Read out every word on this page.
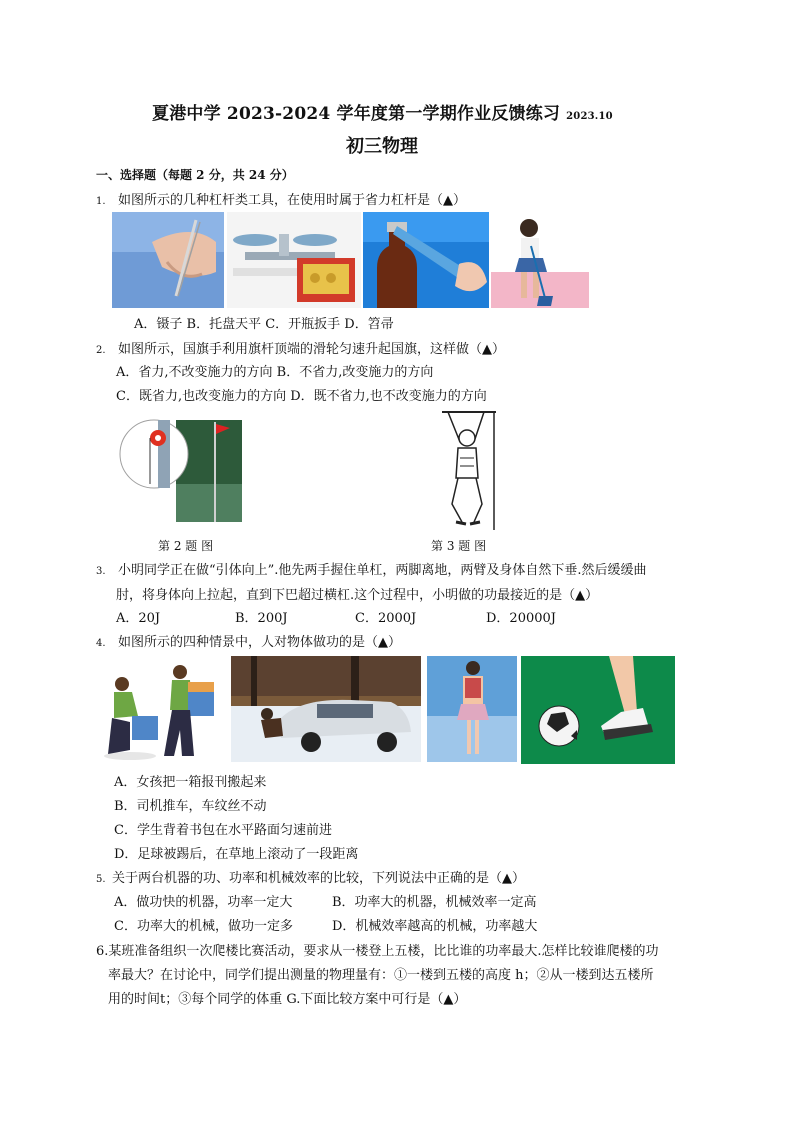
夏港中学 2023-2024 学年度第一学期作业反馈练习 2023.10
初三物理
一、选择题（每题 2 分，共 24 分）
1. 如图所示的几种杠杆类工具，在使用时属于省力杠杆是（▲）
A．镊子 B．托盘天平 C．开瓶扳手 D．笤帚
2. 如图所示，国旗手利用旗杆顶端的滑轮匀速升起国旗，这样做（▲）
A．省力,不改变施力的方向 B．不省力,改变施力的方向
C．既省力,也改变施力的方向 D．既不省力,也不改变施力的方向
第 2 题 图	第 3 题 图
3. 小明同学正在做“引体向上”.他先两手握住单杠，两脚离地，两臂及身体自然下垂.然后缓缓曲
肘，将身体向上拉起，直到下巴超过横杠.这个过程中，小明做的功最接近的是（▲）
A．20J	B．200J	C．2000J	D．20000J
4. 如图所示的四种情景中，人对物体做功的是（▲）
A．女孩把一箱报刊搬起来
B．司机推车，车纹丝不动
C．学生背着书包在水平路面匀速前进
D．足球被踢后，在草地上滚动了一段距离
5. 关于两台机器的功、功率和机械效率的比较，下列说法中正确的是（▲）
A．做功快的机器，功率一定大	B．功率大的机器，机械效率一定高
C．功率大的机械，做功一定多	D．机械效率越高的机械，功率越大
6.某班准备组织一次爬楼比赛活动，要求从一楼登上五楼，比比谁的功率最大.怎样比较谁爬楼的功
率最大？在讨论中，同学们提出测量的物理量有：①一楼到五楼的高度 h；②从一楼到达五楼所
用的时间t；③每个同学的体重 G.下面比较方案中可行是（▲）
